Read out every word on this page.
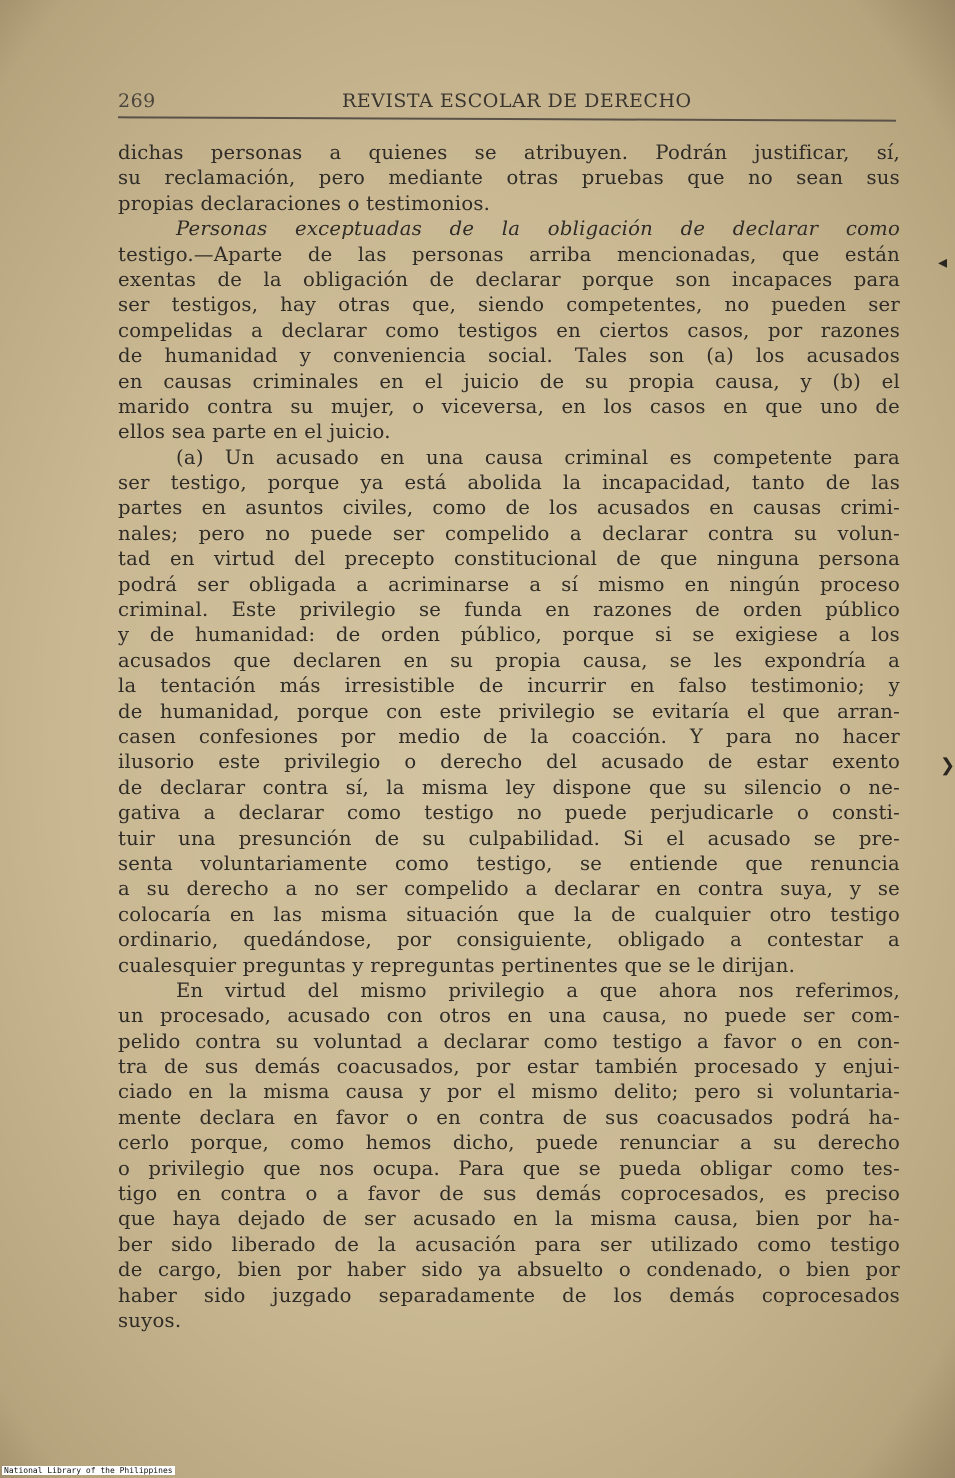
269	REVISTA ESCOLAR DE DERECHO
dichas personas a quienes se atribuyen. Podrán justificar, sí,
su reclamación, pero mediante otras pruebas que no sean sus
propias declaraciones o testimonios.
Personas exceptuadas de la obligación de declarar como
testigo.—Aparte de las personas arriba mencionadas, que están
exentas de la obligación de declarar porque son incapaces para
ser testigos, hay otras que, siendo competentes, no pueden ser
compelidas a declarar como testigos en ciertos casos, por razones
de humanidad y conveniencia social. Tales son (a) los acusados
en causas criminales en el juicio de su propia causa, y (b) el
marido contra su mujer, o viceversa, en los casos en que uno de
ellos sea parte en el juicio.
(a) Un acusado en una causa criminal es competente para
ser testigo, porque ya está abolida la incapacidad, tanto de las
partes en asuntos civiles, como de los acusados en causas crimi-
nales; pero no puede ser compelido a declarar contra su volun-
tad en virtud del precepto constitucional de que ninguna persona
podrá ser obligada a acriminarse a sí mismo en ningún proceso
criminal. Este privilegio se funda en razones de orden público
y de humanidad: de orden público, porque si se exigiese a los
acusados que declaren en su propia causa, se les expondría a
la tentación más irresistible de incurrir en falso testimonio; y
de humanidad, porque con este privilegio se evitaría el que arran-
casen confesiones por medio de la coacción. Y para no hacer
ilusorio este privilegio o derecho del acusado de estar exento
de declarar contra sí, la misma ley dispone que su silencio o ne-
gativa a declarar como testigo no puede perjudicarle o consti-
tuir una presunción de su culpabilidad. Si el acusado se pre-
senta voluntariamente como testigo, se entiende que renuncia
a su derecho a no ser compelido a declarar en contra suya, y se
colocaría en las misma situación que la de cualquier otro testigo
ordinario, quedándose, por consiguiente, obligado a contestar a
cualesquier preguntas y repreguntas pertinentes que se le dirijan.
En virtud del mismo privilegio a que ahora nos referimos,
un procesado, acusado con otros en una causa, no puede ser com-
pelido contra su voluntad a declarar como testigo a favor o en con-
tra de sus demás coacusados, por estar también procesado y enjui-
ciado en la misma causa y por el mismo delito; pero si voluntaria-
mente declara en favor o en contra de sus coacusados podrá ha-
cerlo porque, como hemos dicho, puede renunciar a su derecho
o privilegio que nos ocupa. Para que se pueda obligar como tes-
tigo en contra o a favor de sus demás coprocesados, es preciso
que haya dejado de ser acusado en la misma causa, bien por ha-
ber sido liberado de la acusación para ser utilizado como testigo
de cargo, bien por haber sido ya absuelto o condenado, o bien por
haber sido juzgado separadamente de los demás coprocesados
suyos.
◂
❯
National Library of the Philippines
